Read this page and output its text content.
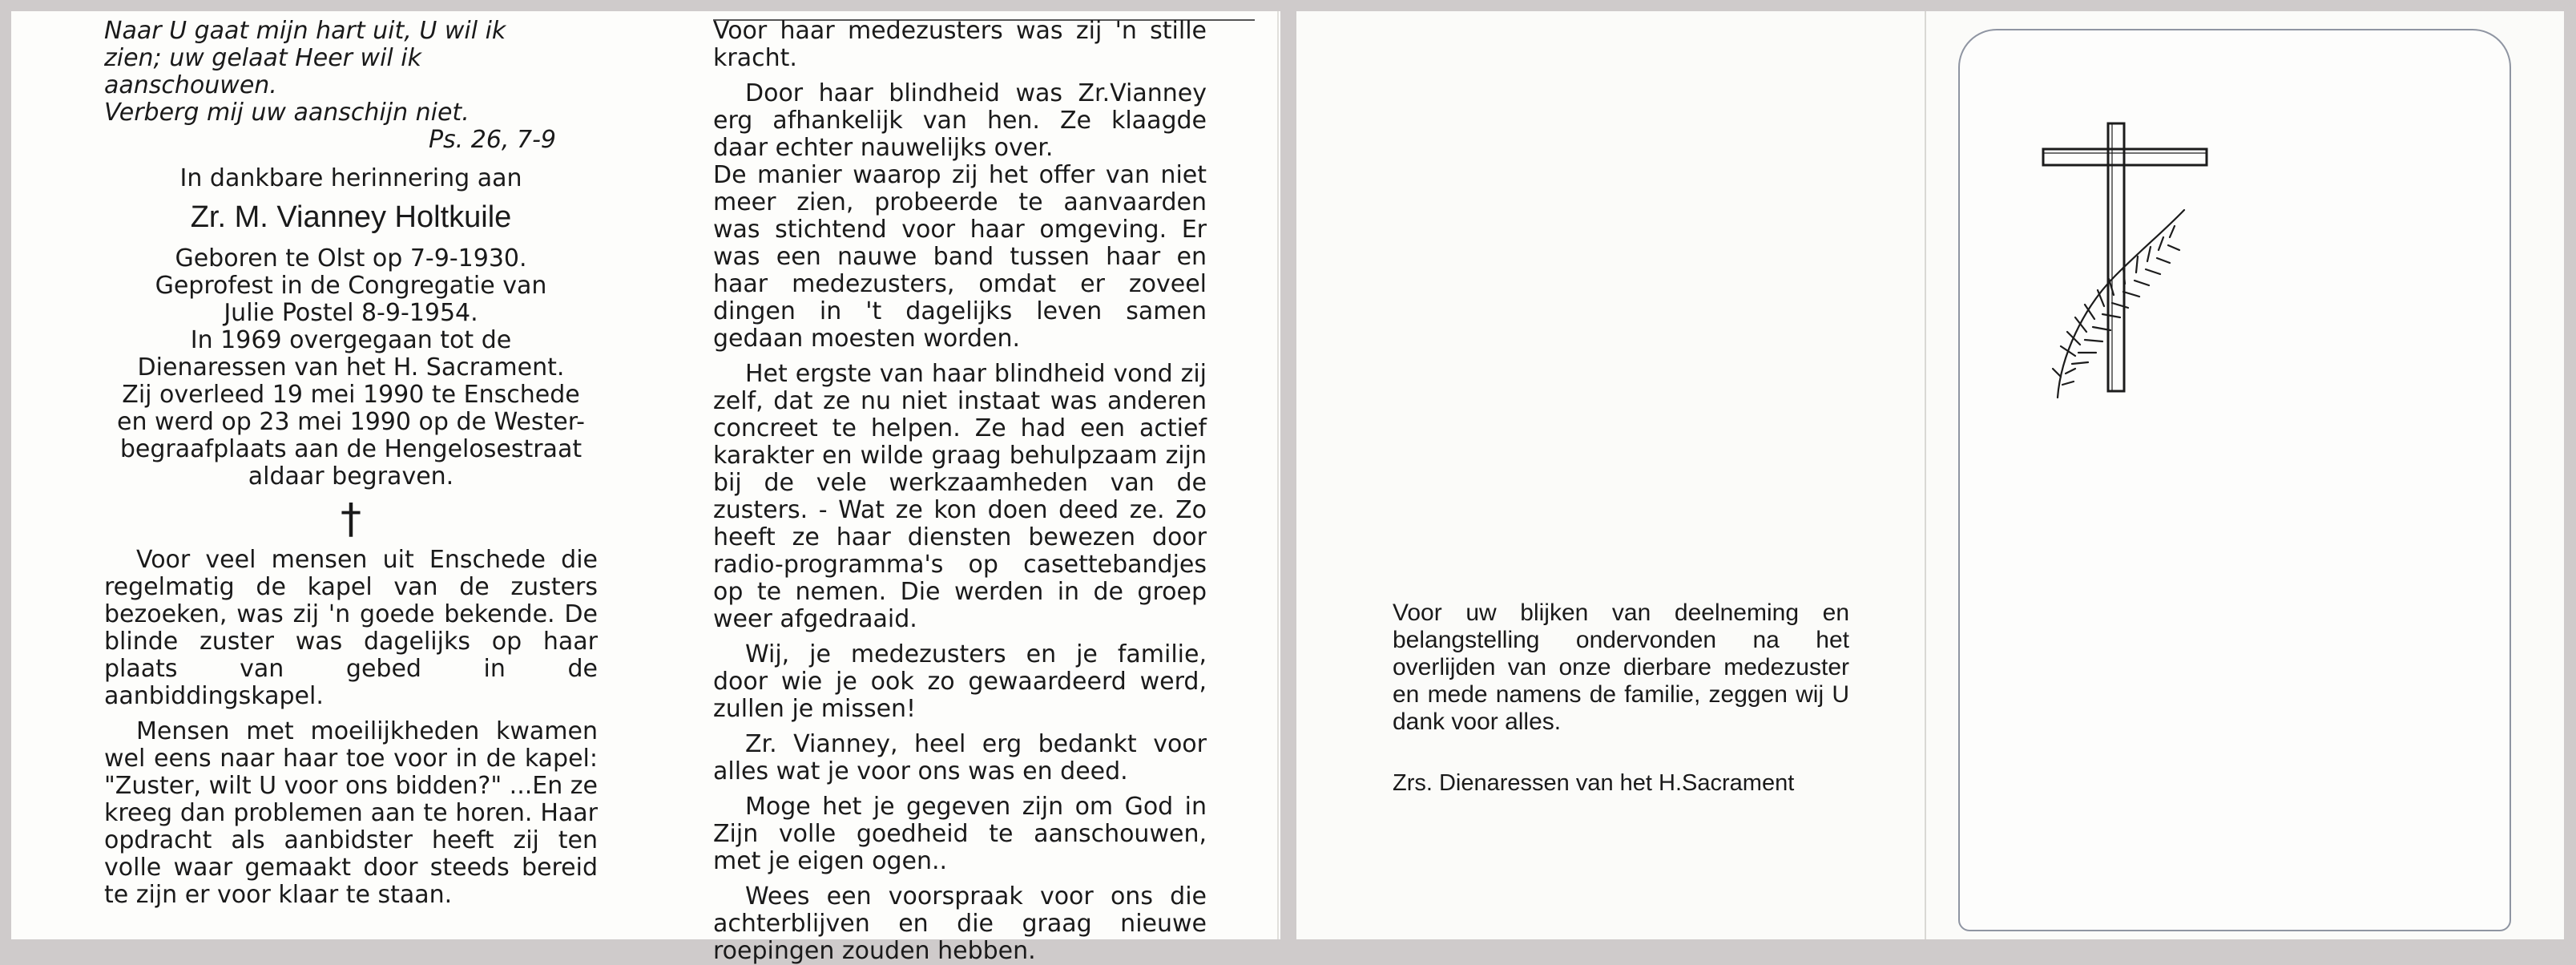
Naar U gaat mijn hart uit, U wil ik

zien; uw gelaat Heer wil ik

aanschouwen.

Verberg mij uw aanschijn niet.

Ps. 26, 7-9

In dankbare herinnering aan

Zr. M. Vianney Holtkuile

Geboren te Olst op 7-9-1930.

Geprofest in de Congregatie van

Julie Postel 8-9-1954.

In 1969 overgegaan tot de

Dienaressen van het H. Sacrament.

Zij overleed 19 mei 1990 te Enschede

en werd op 23 mei 1990 op de Wester-

begraafplaats aan de Hengelosestraat

aldaar begraven.

†

Voor veel mensen uit Enschede die regelmatig de kapel van de zusters bezoeken, was zij 'n goede bekende. De blinde zuster was dagelijks op haar plaats van gebed in de aanbiddingskapel.

Mensen met moeilijkheden kwamen wel eens naar haar toe voor in de kapel: "Zuster, wilt U voor ons bidden?" ...En ze kreeg dan problemen aan te horen. Haar opdracht als aanbidster heeft zij ten volle waar gemaakt door steeds bereid te zijn er voor klaar te staan.

Voor haar medezusters was zij 'n stille kracht.

Door haar blindheid was Zr.Vianney erg afhankelijk van hen. Ze klaagde daar echter nauwelijks over.

De manier waarop zij het offer van niet meer zien, probeerde te aanvaarden was stichtend voor haar omgeving. Er was een nauwe band tussen haar en haar medezusters, omdat er zoveel dingen in 't dagelijks leven samen gedaan moesten worden.

Het ergste van haar blindheid vond zij zelf, dat ze nu niet instaat was anderen concreet te helpen. Ze had een actief karakter en wilde graag behulpzaam zijn bij de vele werkzaamheden van de zusters. - Wat ze kon doen deed ze. Zo heeft ze haar diensten bewezen door radio-programma's op casettebandjes op te nemen. Die werden in de groep weer afgedraaid.

Wij, je medezusters en je familie, door wie je ook zo gewaardeerd werd, zullen je missen!

Zr. Vianney, heel erg bedankt voor alles wat je voor ons was en deed.

Moge het je gegeven zijn om God in Zijn volle goedheid te aanschouwen, met je eigen ogen..

Wees een voorspraak voor ons die achterblijven en die graag nieuwe roepingen zouden hebben.

Voor uw blijken van deelneming en belangstelling ondervonden na het overlijden van onze dierbare medezuster en mede namens de familie, zeggen wij U dank voor alles.

Zrs. Dienaressen van het H.Sacrament
